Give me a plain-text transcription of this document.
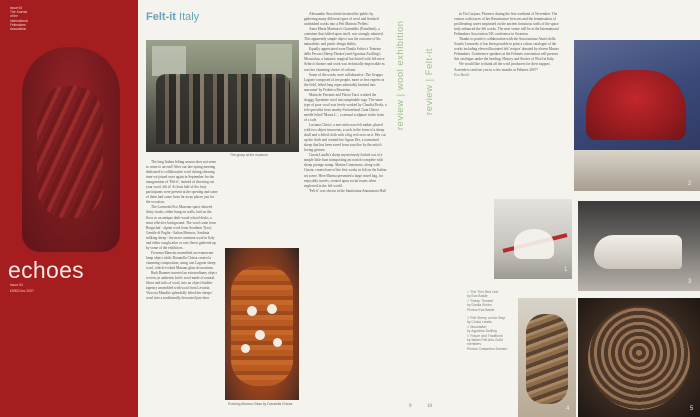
Issue 64
The Journal
of the
International
Feltmakers
Association
echoes
Issue 64
£5/€8 Nov 2007
Felt-it Italy
The group at the museum

The long Italian felting season does not seem to come to an end! After our late spring meeting dedicated to collaborative wool during shearing time we joined once again in September for the inauguration of 'Felt-it', instead of throwing out your wool, felt it! At least half of the forty participants were present at the opening and some of them had come from far away places just for the occasion.

The Lorenzini Eco Museum space showed thirty works, either hung on walls, laid on the floor or on antique dark-wood school desks, a most effective background. The wool came from Bergschaf - alpine wool from Southern Tyrol, Gentile di Puglia - Italian Merinos, Sardinia milking sheep - the more common wool in Italy and either sought after or rare fleece gathered up by some of the exhibitors.

Fiorenza Mancini assembled an evanescent lamp object while Donatella Chiesa created a charming composition, using cast Lagorai sheep wool, which evoked Murano glass decorations.

Ruth Baumer inserted an extraordinary object woven, in authentic knit's wool made of natural fibres and tufts of wool, into an object-builder tapestry assembled with wool from Lessinia Vitaccia Maudito splendidly felted her sheeps' wool into a traditionally decorated jute door

Evolving Murano Glass by Donatella Chiesa

Alessandro Stocchiotti insisted the public by gathering many different types of wool and finished unfinished works into a Felt Mattoni 'Pellets'.

Anna Maria Marinaro's Gratuiddio (Pamflenti), a container that folded upon itself, was strongly admired. This apparently simple object was the outcome of his naturalistic and poetic design ability.

Equally appreciated were Danila Schiro's Teatrino delle Pecore (Sheep Theatre) and Agostina Zwilling's Moustafun, a fantastic magical hat dotted with felt mice. Schiro's theatre and work was technically impeccable as was her charming choice of colours.

Some of the works were collaborative. The Gruppo Lagone composed of ten people, more or less experts in the field, felted long ropes admirably knotted into macrame' by Federica Passerino.

Maria de Ferrante and Flavia Turci worked the shaggy Apennine wool into unspinable rugs. The same type of poor wool was freely worked by Claudia Pirola, a felt specialist from nearby Switzerland. Gaia Chirici needle felted 'Maura L.', a sensual sculpture in the form of a sole.

Luciana Chirici, a non-artist non-felt maker, placed with two object innocents, a sock in the form of a sheep skull and a felted cloth with a big red cross on it. Her cut up the cloth and created her Agnus Dei, a tormented sheep that has been saved from sacrifice by the artist's loving gesture.

Cinzia Landis's sheep mysteriously looked out of a simple little boat transporting an ostrich-complete with sheep portage stamp. Marina Contestano, along with Cinzia, created one of the first works in felt on the Italian art scene. Here Marina presented a large travel bag, for enjoyably travels, created upon social issues often neglected in the felt world.

'Felt-it' was shown in the Santissima Annunziata Hall

review | wool exhibition review | Felt-it
9	10

in Via Carjona, Florence during the first weekend of November. The contact with traces of her Renaissance frescoes and the feminisation of proliferating wares imprinted on the ancient fortuitous walls of the space truly enhanced the felt works. The next venue will be at the International Feltmakers Association UK conference in Swansea.

Thanks to positive collaboration with the Associazione Amici della Scuola Leonardo, it has been possible to print a colour catalogue of the works including eleven illustrated felt 'recipes' donated by eleven Master Feltmakers. Conference speakers at the Feltmex convention will present this catalogue under the heading: History and Stories of Wool in Italy.

We would like to thank all the wool producers for their support. Arrivederci and see you in a few months at Feltmex 2007!

Eva Basile

2
1
3
1 'The Thin Red Line'
by Eva Basile
2 'Sheep Theatre'
by Danila Schiro
Photos Eva Basile
3 'Felt Sheep on the Step'
by Cinzia Landis
4 'Moustafun'
by Agostina Zwilling
5 'Future and Traditions'
by Italian Felt Arts Guild
members
Photos Costantino Dolmen
4	5
